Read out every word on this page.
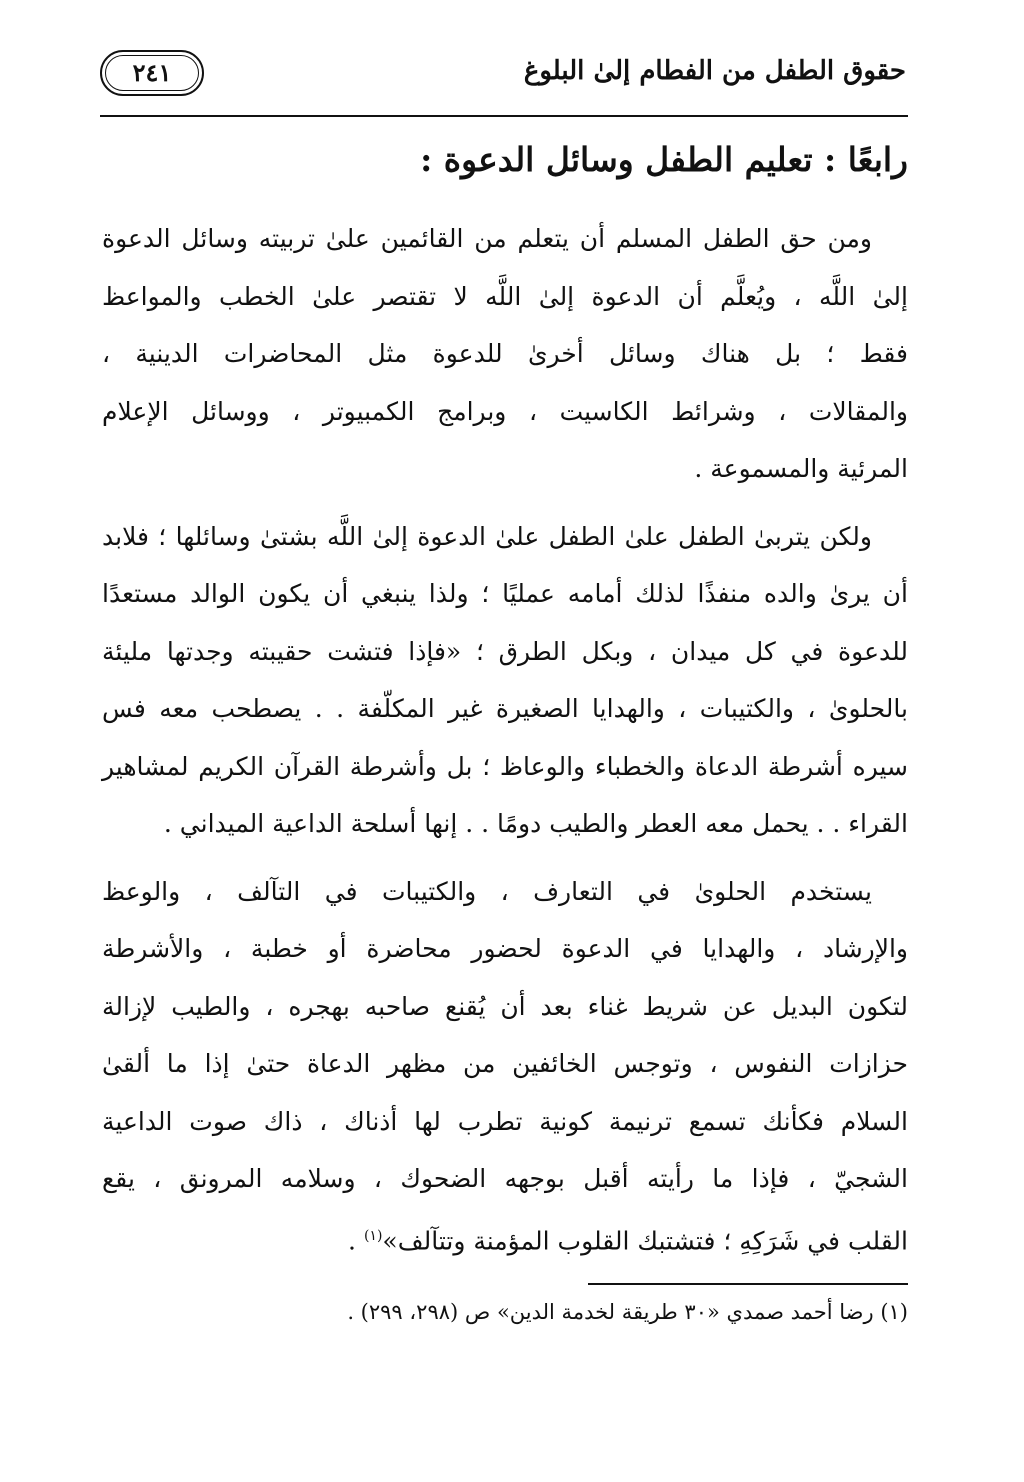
حقوق الطفل من الفطام إلىٰ البلوغ
٢٤١
رابعًا : تعليم الطفل وسائل الدعوة :

ومن حق الطفل المسلم أن يتعلم من القائمين علىٰ تربيته وسائل الدعوة
إلىٰ اللَّه ، ويُعلَّم أن الدعوة إلىٰ اللَّه لا تقتصر علىٰ الخطب والمواعظ
فقط ؛ بل هناك وسائل أخرىٰ للدعوة مثل المحاضرات الدينية ،
والمقالات ، وشرائط الكاسيت ، وبرامج الكمبيوتر ، ووسائل الإعلام
المرئية والمسموعة .

ولكن يتربىٰ الطفل علىٰ الطفل علىٰ الدعوة إلىٰ اللَّه بشتىٰ وسائلها ؛ فلابد
أن يرىٰ والده منفذًا لذلك أمامه عمليًا ؛ ولذا ينبغي أن يكون الوالد مستعدًا
للدعوة في كل ميدان ، وبكل الطرق ؛ «فإذا فتشت حقيبته وجدتها مليئة
بالحلوىٰ ، والكتيبات ، والهدايا الصغيرة غير المكلّفة . . يصطحب معه فس
سيره أشرطة الدعاة والخطباء والوعاظ ؛ بل وأشرطة القرآن الكريم لمشاهير
القراء . . يحمل معه العطر والطيب دومًا . . إنها أسلحة الداعية الميداني .

يستخدم الحلوىٰ في التعارف ، والكتيبات في التآلف ، والوعظ
والإرشاد ، والهدايا في الدعوة لحضور محاضرة أو خطبة ، والأشرطة
لتكون البديل عن شريط غناء بعد أن يُقنع صاحبه بهجره ، والطيب لإزالة
حزازات النفوس ، وتوجس الخائفين من مظهر الدعاة حتىٰ إذا ما ألقىٰ
السلام فكأنك تسمع ترنيمة كونية تطرب لها أذناك ، ذاك صوت الداعية
الشجيّ ، فإذا ما رأيته أقبل بوجهه الضحوك ، وسلامه المرونق ، يقع
القلب في شَرَكِهِ ؛ فتشتبك القلوب المؤمنة وتتآلف»$^{(١)}$ .

(١) رضا أحمد صمدي «٣٠ طريقة لخدمة الدين» ص (٢٩٨، ٢٩٩) .
